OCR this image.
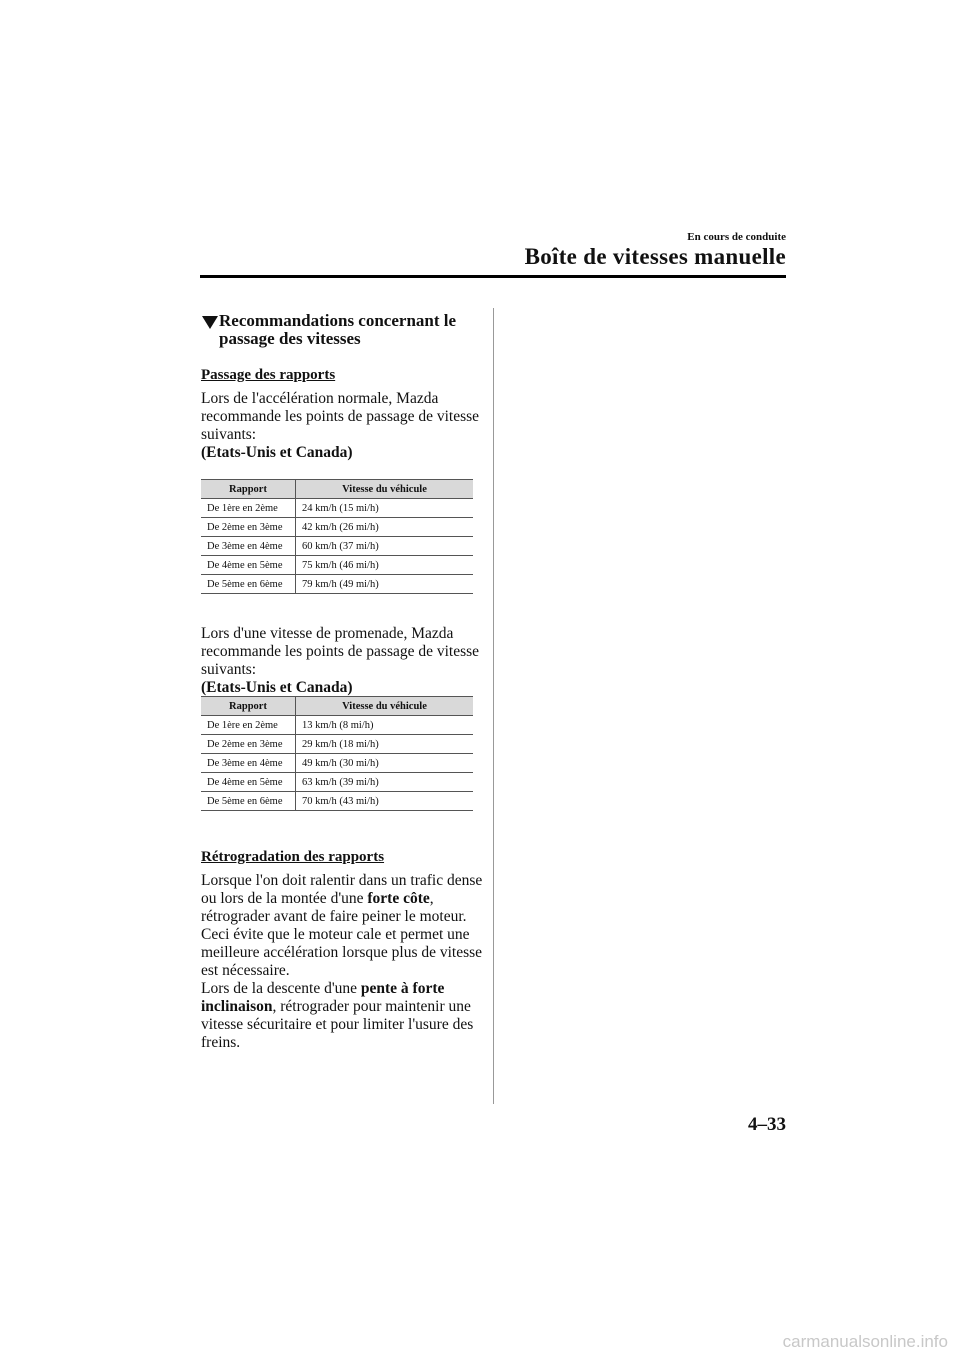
En cours de conduite
Boîte de vitesses manuelle
Recommandations concernant le passage des vitesses
Passage des rapports
Lors de l'accélération normale, Mazda recommande les points de passage de vitesse suivants:
(Etats-Unis et Canada)
Rapport	Vitesse du véhicule
De 1ère en 2ème	24 km/h (15 mi/h)
De 2ème en 3ème	42 km/h (26 mi/h)
De 3ème en 4ème	60 km/h (37 mi/h)
De 4ème en 5ème	75 km/h (46 mi/h)
De 5ème en 6ème	79 km/h (49 mi/h)
Lors d'une vitesse de promenade, Mazda recommande les points de passage de vitesse suivants:
(Etats-Unis et Canada)
Rapport	Vitesse du véhicule
De 1ère en 2ème	13 km/h (8 mi/h)
De 2ème en 3ème	29 km/h (18 mi/h)
De 3ème en 4ème	49 km/h (30 mi/h)
De 4ème en 5ème	63 km/h (39 mi/h)
De 5ème en 6ème	70 km/h (43 mi/h)
Rétrogradation des rapports
Lorsque l'on doit ralentir dans un trafic dense ou lors de la montée d'une forte côte, rétrograder avant de faire peiner le moteur. Ceci évite que le moteur cale et permet une meilleure accélération lorsque plus de vitesse est nécessaire.
Lors de la descente d'une pente à forte inclinaison, rétrograder pour maintenir une vitesse sécuritaire et pour limiter l'usure des freins.
4–33
carmanualsonline.info
